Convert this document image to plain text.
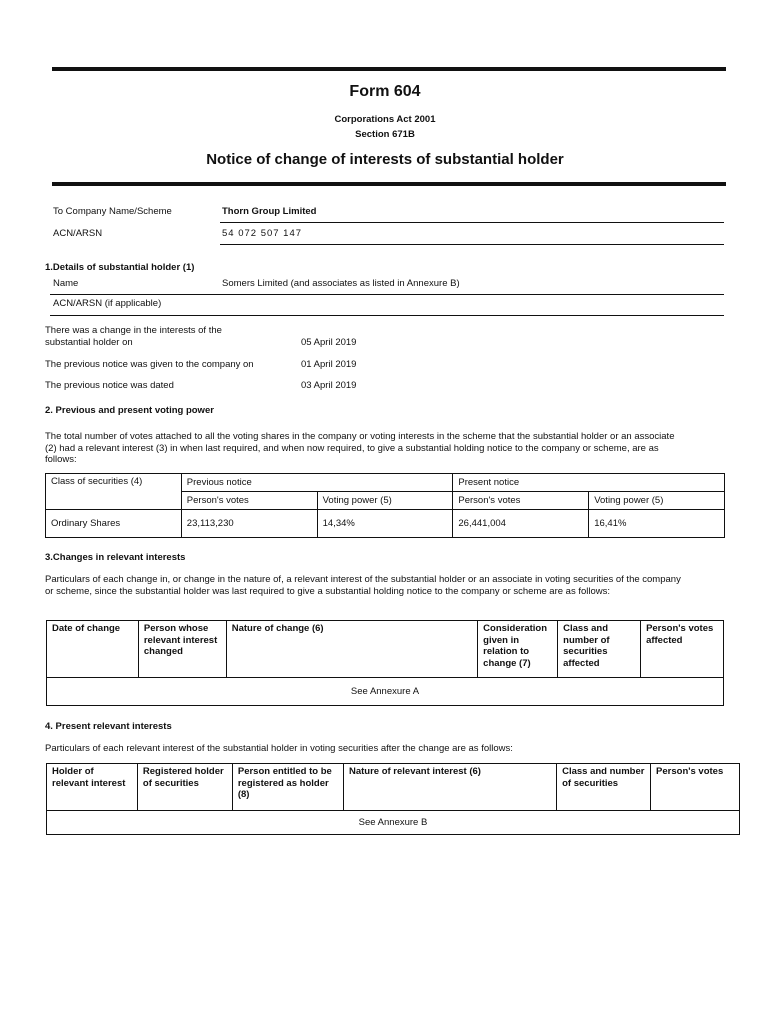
Form 604
Corporations Act 2001
Section 671B
Notice of change of interests of substantial holder
To Company Name/Scheme	Thorn Group Limited
ACN/ARSN	54 072 507 147
1.Details of substantial holder (1)
Name	Somers Limited (and associates as listed in Annexure B)
ACN/ARSN (if applicable)
There was a change in the interests of the substantial holder on	05 April 2019
The previous notice was given to the company on	01 April 2019
The previous notice was dated	03 April 2019
2. Previous and present voting power
The total number of votes attached to all the voting shares in the company or voting interests in the scheme that the substantial holder or an associate (2) had a relevant interest (3) in when last required, and when now required, to give a substantial holding notice to the company or scheme, are as follows:
Class of securities (4)	Previous notice		Present notice	
	Person's votes	Voting power (5)	Person's votes	Voting power (5)
Ordinary Shares	23,113,230	14,34%	26,441,004	16,41%
3.Changes in relevant interests
Particulars of each change in, or change in the nature of, a relevant interest of the substantial holder or an associate in voting securities of the company or scheme, since the substantial holder was last required to give a substantial holding notice to the company or scheme are as follows:
Date of change	Person whose relevant interest changed	Nature of change (6)	Consideration given in relation to change (7)	Class and number of securities affected	Person's votes affected
See Annexure A
4. Present relevant interests
Particulars of each relevant interest of the substantial holder in voting securities after the change are as follows:
Holder of relevant interest	Registered holder of securities	Person entitled to be registered as holder (8)	Nature of relevant interest (6)	Class and number of securities	Person's votes
See Annexure B
